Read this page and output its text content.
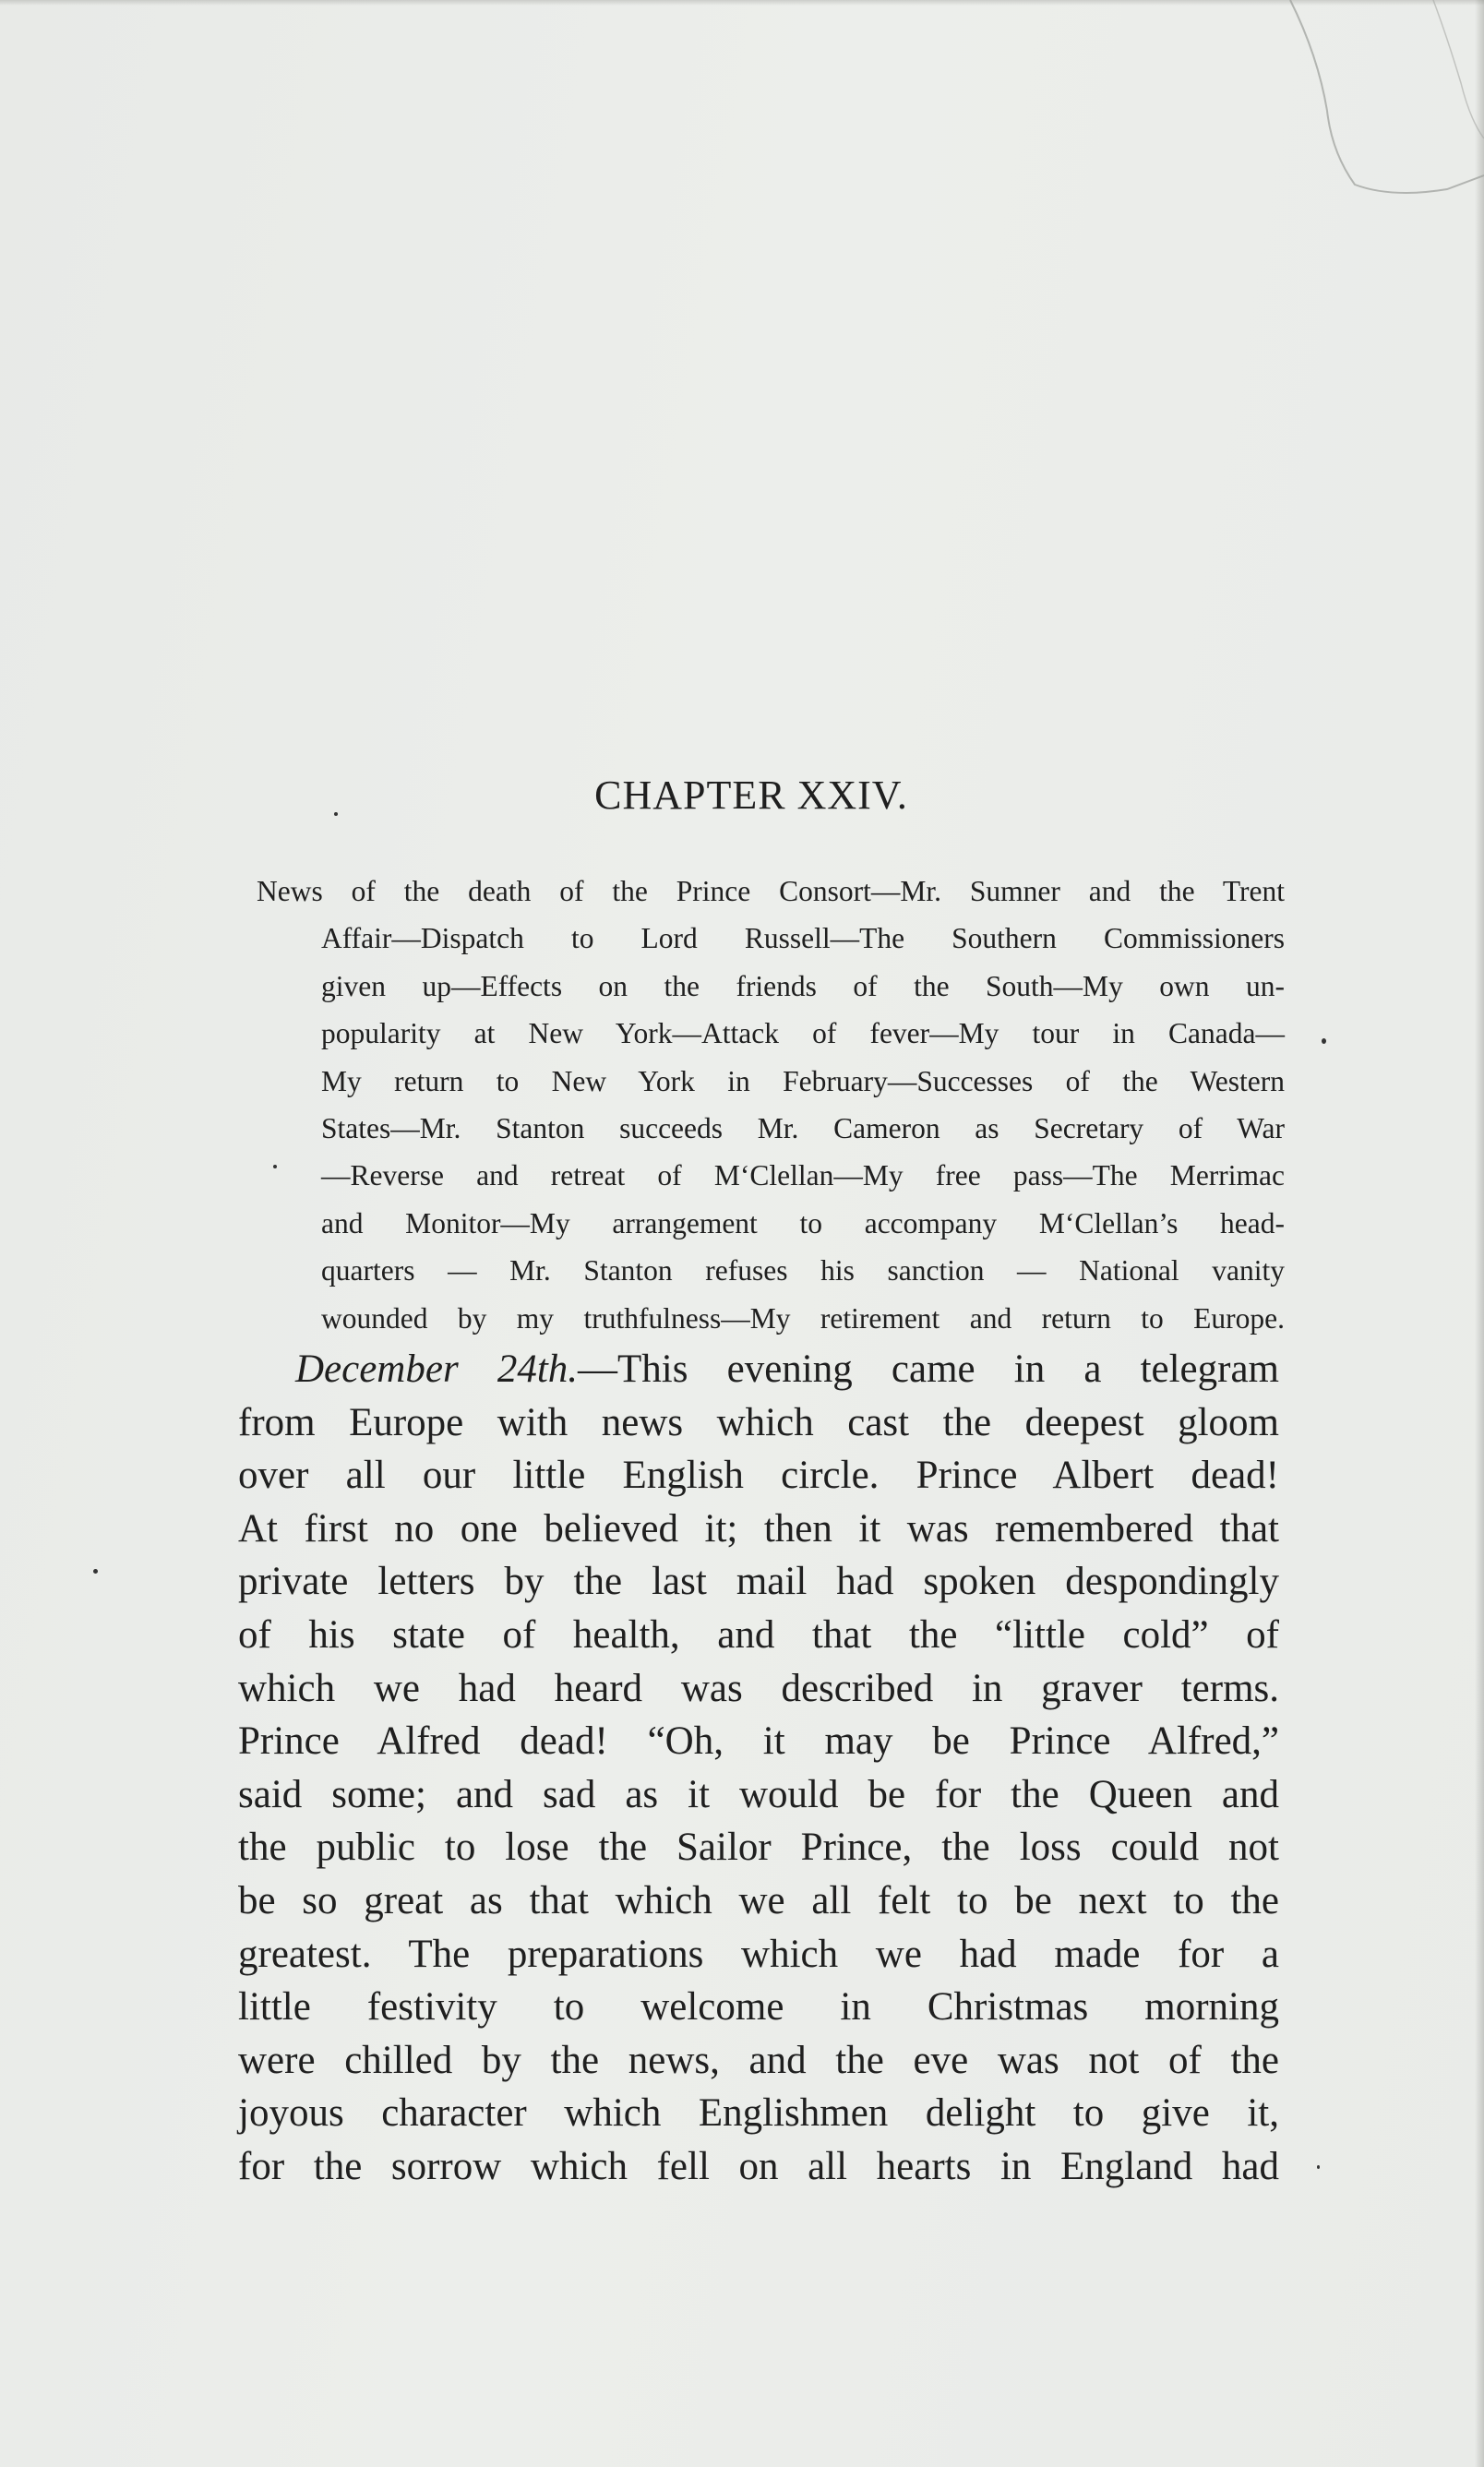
CHAPTER XXIV.
News of the death of the Prince Consort—Mr. Sumner and the Trent
Affair—Dispatch to Lord Russell—The Southern Commissioners
given up—Effects on the friends of the South—My own un-
popularity at New York—Attack of fever—My tour in Canada—
My return to New York in February—Successes of the Western
States—Mr. Stanton succeeds Mr. Cameron as Secretary of War
—Reverse and retreat of M‘Clellan—My free pass—The Merrimac
and Monitor—My arrangement to accompany M‘Clellan’s head-
quarters — Mr. Stanton refuses his sanction — National vanity
wounded by my truthfulness—My retirement and return to Europe.
December 24th.—This evening came in a telegram
from Europe with news which cast the deepest gloom
over all our little English circle. Prince Albert dead!
At first no one believed it; then it was remembered that
private letters by the last mail had spoken despondingly
of his state of health, and that the “little cold” of
which we had heard was described in graver terms.
Prince Alfred dead! “Oh, it may be Prince Alfred,”
said some; and sad as it would be for the Queen and
the public to lose the Sailor Prince, the loss could not
be so great as that which we all felt to be next to the
greatest. The preparations which we had made for a
little festivity to welcome in Christmas morning
were chilled by the news, and the eve was not of the
joyous character which Englishmen delight to give it,
for the sorrow which fell on all hearts in England had
